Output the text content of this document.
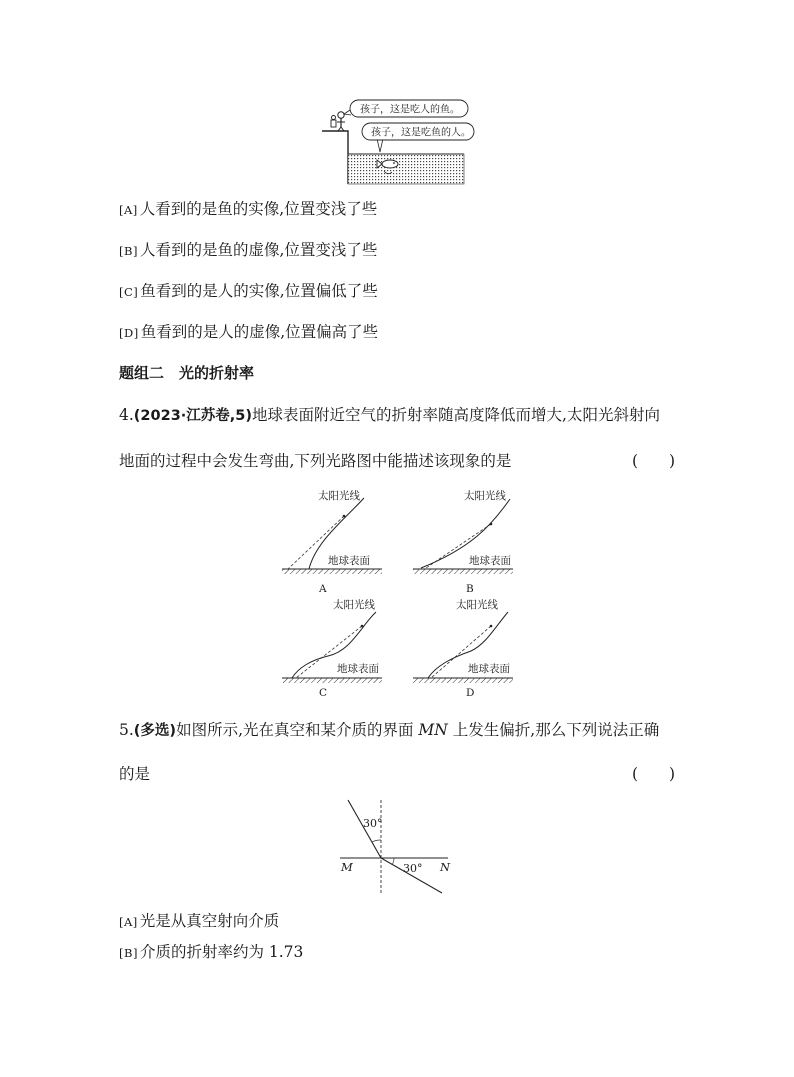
孩子，这是吃人的鱼。
孩子，这是吃鱼的人。
[A] 人看到的是鱼的实像,位置变浅了些
[B] 人看到的是鱼的虚像,位置变浅了些
[C] 鱼看到的是人的实像,位置偏低了些
[D] 鱼看到的是人的虚像,位置偏高了些
题组二　光的折射率
4.(2023·江苏卷,5)地球表面附近空气的折射率随高度降低而增大,太阳光斜射向
地面的过程中会发生弯曲,下列光路图中能描述该现象的是	(　　)
太阳光线
地球表面
A
太阳光线
地球表面
B
太阳光线
地球表面
C
太阳光线
地球表面
D
5.(多选)如图所示,光在真空和某介质的界面 MN 上发生偏折,那么下列说法正确
的是	(　　)
30°
30°
M	N
[A] 光是从真空射向介质
[B] 介质的折射率约为 1.73
